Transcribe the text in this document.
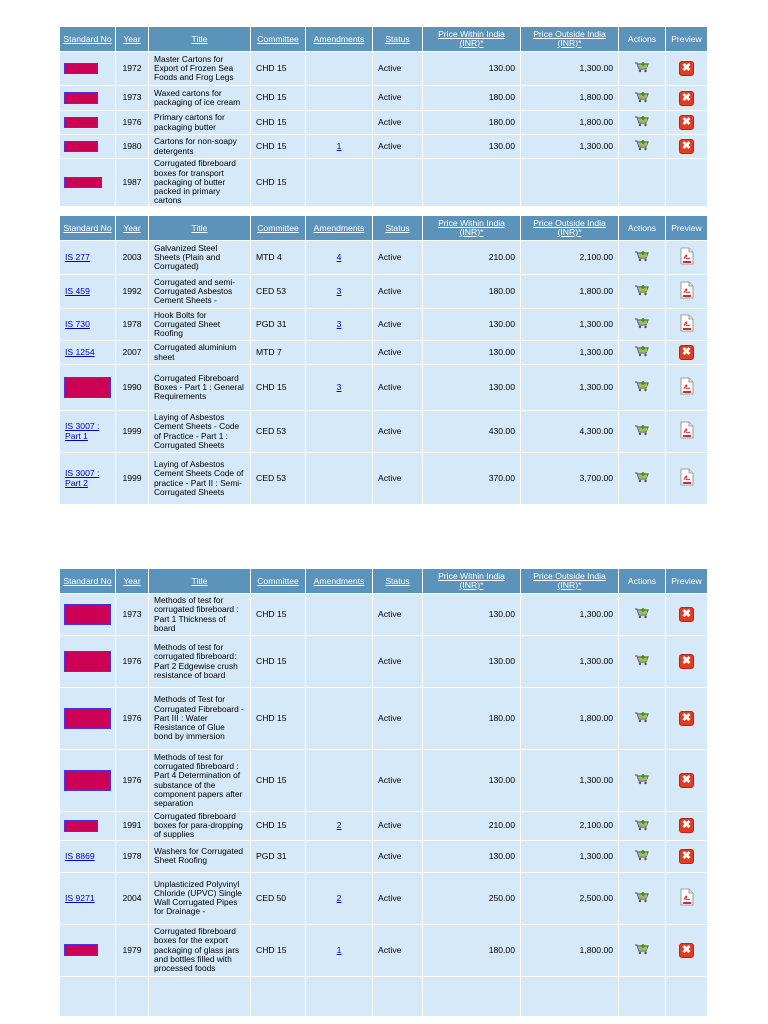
Standard No	Year	Title	Committee	Amendments	Status	Price Within India (INR)*	Price Outside India (INR)*	Actions	Preview
IS 6725	1972	Master Cartons for Export of Frozen Sea Foods and Frog Legs	CHD 15		Active	130.00	1,300.00		✖
IS 7102	1973	Waxed cartons for packaging of ice cream	CHD 15		Active	180.00	1,800.00		✖
IS 8133	1976	Primary cartons for packaging butter	CHD 15		Active	180.00	1,800.00		✖
IS 9393	1980	Cartons for non-soapy detergents	CHD 15	1	Active	130.00	1,300.00		✖
IS 12212	1987	Corrugated fibreboard boxes for transport packaging of butter packed in primary cartons	CHD 15						
Standard No	Year	Title	Committee	Amendments	Status	Price Within India (INR)*	Price Outside India (INR)*	Actions	Preview
IS 277	2003	Galvanized Steel Sheets (Plain and Corrugated)	MTD 4	4	Active	210.00	2,100.00	

IS 459	1992	Corrugated and semi-Corrugated Asbestos Cement Sheets -	CED 53	3	Active	180.00	1,800.00	

IS 730	1978	Hook Bolts for Corrugated Sheet Roofing	PGD 31	3	Active	130.00	1,300.00	

IS 1254	2007	Corrugated aluminium sheet	MTD 7		Active	130.00	1,300.00		✖
IS 2771 : Part 1	1990	Corrugated Fibreboard Boxes - Part 1 : General Requirements	CHD 15	3	Active	130.00	1,300.00	

IS 3007 : Part 1	1999	Laying of Asbestos Cement Sheets - Code of Practice - Part 1 : Corrugated Sheets	CED 53		Active	430.00	4,300.00	

IS 3007 : Part 2	1999	Laying of Asbestos Cement Sheets Code of practice - Part II : Semi-Corrugated Sheets	CED 53		Active	370.00	3,700.00	

Standard No	Year	Title	Committee	Amendments	Status	Price Within India (INR)*	Price Outside India (INR)*	Actions	Preview
IS 7063 : Part 1	1973	Methods of test for corrugated fibreboard : Part 1 Thickness of board	CHD 15		Active	130.00	1,300.00		✖
IS 7063 : Part 2	1976	Methods of test for corrugated fibreboard: Part 2 Edgewise crush resistance of board	CHD 15		Active	130.00	1,300.00		✖
IS 7063 : Part 3	1976	Methods of Test for Corrugated Fibreboard - Part III : Water Resistance of Glue bond by immersion	CHD 15		Active	180.00	1,800.00		✖
IS 7063 : Part 4	1976	Methods of test for corrugated fibreboard : Part 4 Determination of substance of the component papers after separation	CHD 15		Active	130.00	1,300.00		✖
IS 7184	1991	Corrugated fibreboard boxes for para-dropping of supplies	CHD 15	2	Active	210.00	2,100.00		✖
IS 8869	1978	Washers for Corrugated Sheet Roofing	PGD 31		Active	130.00	1,300.00		✖
IS 9271	2004	Unplasticized Polyvinyl Chloride (UPVC) Single Wall Corrugated Pipes for Drainage -	CED 50	2	Active	250.00	2,500.00	

IS 9313	1979	Corrugated fibreboard boxes for the export packaging of glass jars and bottles filled with processed foods	CHD 15	1	Active	180.00	1,800.00		✖
